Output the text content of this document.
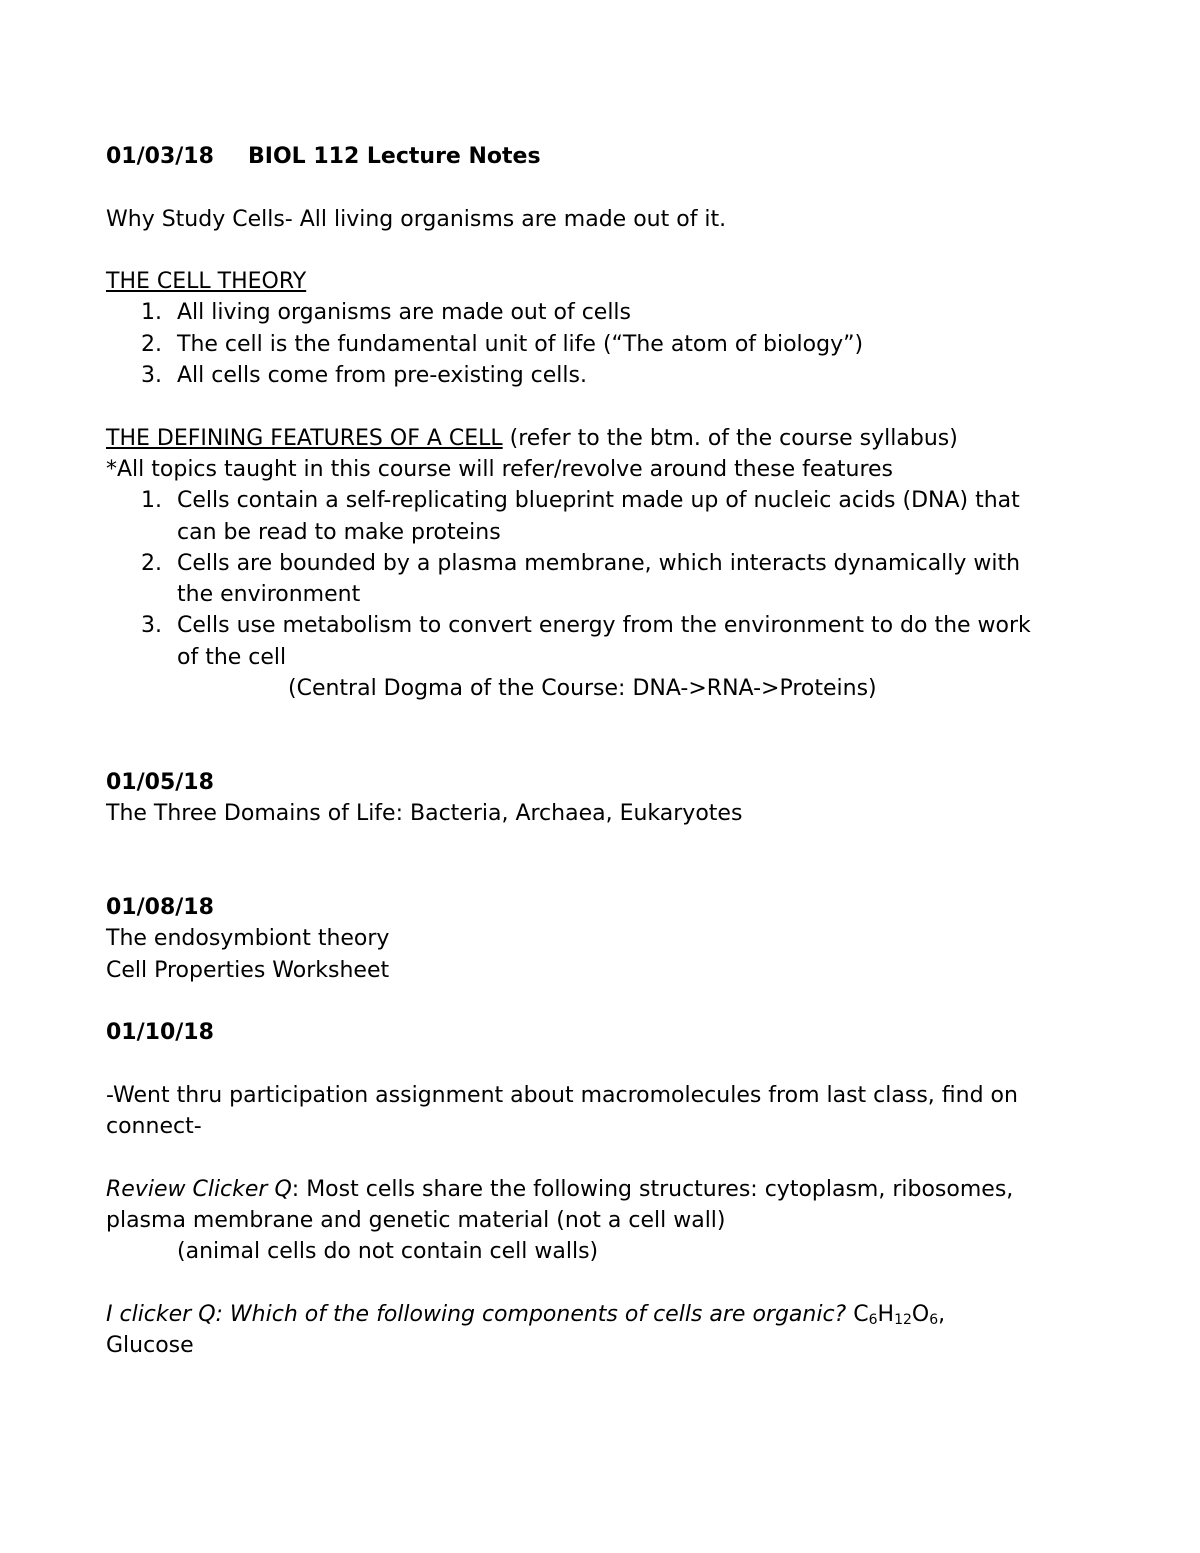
01/03/18 BIOL 112 Lecture Notes
Why Study Cells- All living organisms are made out of it.
THE CELL THEORY
1. All living organisms are made out of cells
2. The cell is the fundamental unit of life (“The atom of biology”)
3. All cells come from pre-existing cells.
THE DEFINING FEATURES OF A CELL (refer to the btm. of the course syllabus)
*All topics taught in this course will refer/revolve around these features
1. Cells contain a self-replicating blueprint made up of nucleic acids (DNA) that
can be read to make proteins
2. Cells are bounded by a plasma membrane, which interacts dynamically with
the environment
3. Cells use metabolism to convert energy from the environment to do the work
of the cell
(Central Dogma of the Course: DNA->RNA->Proteins)
01/05/18
The Three Domains of Life: Bacteria, Archaea, Eukaryotes
01/08/18
The endosymbiont theory
Cell Properties Worksheet
01/10/18
-Went thru participation assignment about macromolecules from last class, find on
connect-
Review Clicker Q: Most cells share the following structures: cytoplasm, ribosomes,
plasma membrane and genetic material (not a cell wall)
(animal cells do not contain cell walls)
I clicker Q: Which of the following components of cells are organic? $C_6H_{12}O_6$,
Glucose
